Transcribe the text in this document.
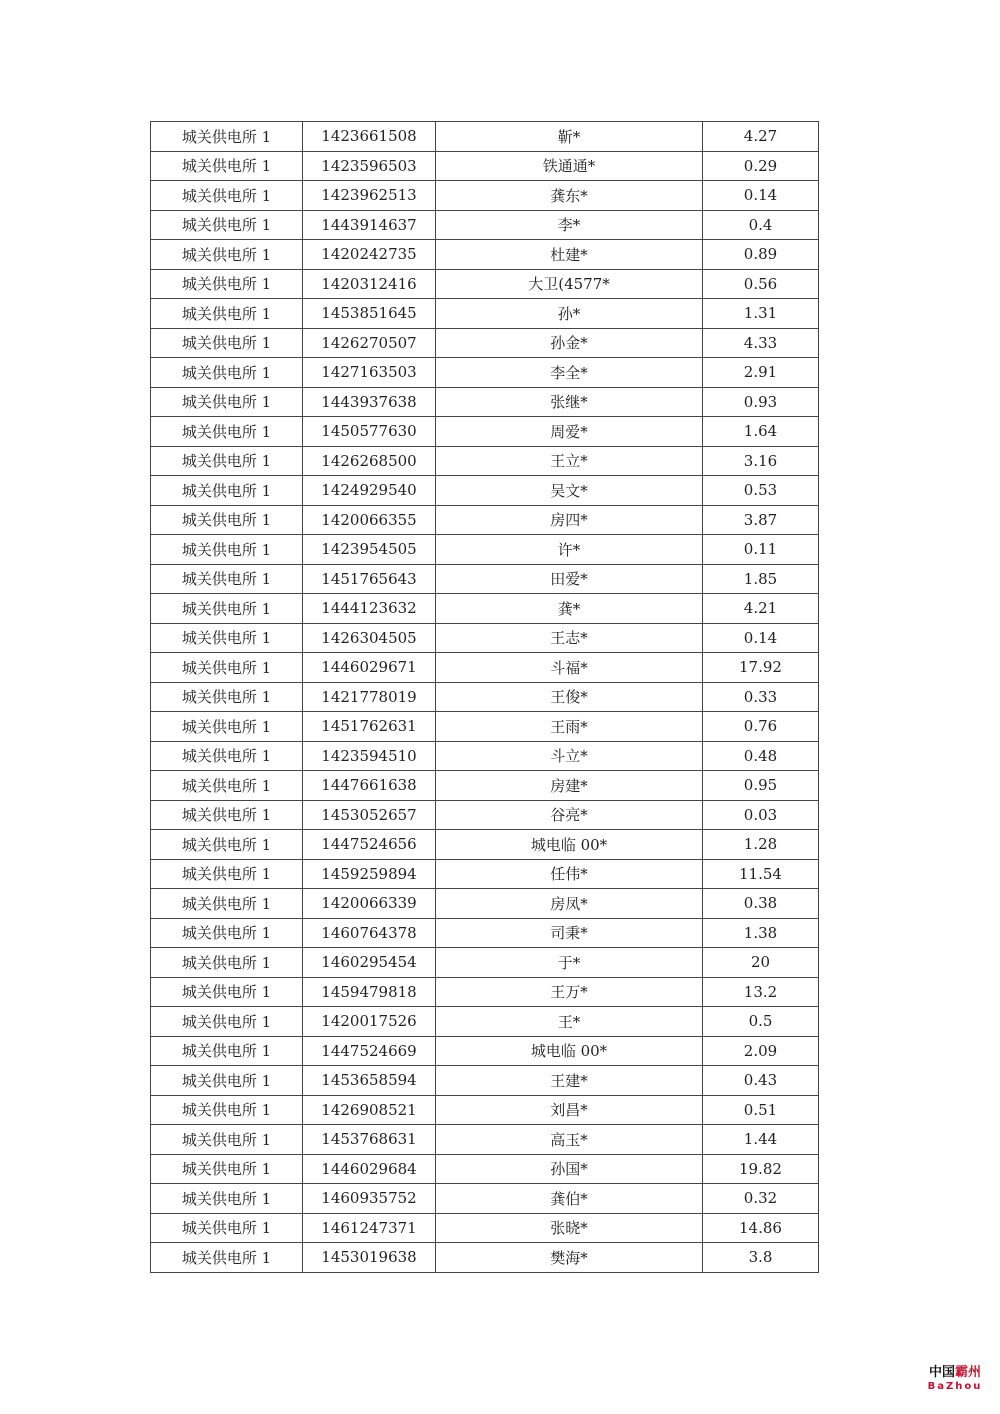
城关供电所 1	1423661508	靳*	4.27
城关供电所 1	1423596503	铁通通*	0.29
城关供电所 1	1423962513	龚东*	0.14
城关供电所 1	1443914637	李*	0.4
城关供电所 1	1420242735	杜建*	0.89
城关供电所 1	1420312416	大卫(4577*	0.56
城关供电所 1	1453851645	孙*	1.31
城关供电所 1	1426270507	孙金*	4.33
城关供电所 1	1427163503	李全*	2.91
城关供电所 1	1443937638	张继*	0.93
城关供电所 1	1450577630	周爱*	1.64
城关供电所 1	1426268500	王立*	3.16
城关供电所 1	1424929540	吴文*	0.53
城关供电所 1	1420066355	房四*	3.87
城关供电所 1	1423954505	许*	0.11
城关供电所 1	1451765643	田爱*	1.85
城关供电所 1	1444123632	龚*	4.21
城关供电所 1	1426304505	王志*	0.14
城关供电所 1	1446029671	斗福*	17.92
城关供电所 1	1421778019	王俊*	0.33
城关供电所 1	1451762631	王雨*	0.76
城关供电所 1	1423594510	斗立*	0.48
城关供电所 1	1447661638	房建*	0.95
城关供电所 1	1453052657	谷亮*	0.03
城关供电所 1	1447524656	城电临 00*	1.28
城关供电所 1	1459259894	任伟*	11.54
城关供电所 1	1420066339	房凤*	0.38
城关供电所 1	1460764378	司秉*	1.38
城关供电所 1	1460295454	于*	20
城关供电所 1	1459479818	王万*	13.2
城关供电所 1	1420017526	王*	0.5
城关供电所 1	1447524669	城电临 00*	2.09
城关供电所 1	1453658594	王建*	0.43
城关供电所 1	1426908521	刘昌*	0.51
城关供电所 1	1453768631	高玉*	1.44
城关供电所 1	1446029684	孙国*	19.82
城关供电所 1	1460935752	龚伯*	0.32
城关供电所 1	1461247371	张晓*	14.86
城关供电所 1	1453019638	樊海*	3.8
中国霸州
BaZhou
